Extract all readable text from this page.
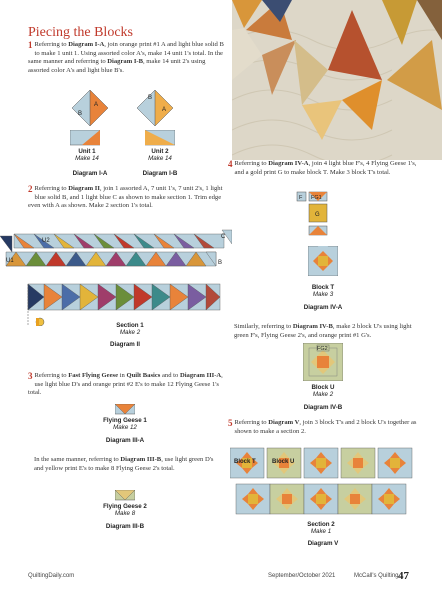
Piecing the Blocks
1 Referring to Diagram I-A, join orange print #1 A and light blue solid B to make 1 unit 1. Using assorted color A's, make 14 unit 1's total. In the same manner and referring to Diagram I-B, make 14 unit 2's using assorted color A's and light blue B's.
A
B
B
A
Unit 1
Make 14
Unit 2
Make 14
Diagram I-A	Diagram I-B
2 Referring to Diagram II, join 1 assorted A, 7 unit 1's, 7 unit 2's, 1 light blue solid B, and 1 light blue C as shown to make section 1. Trim edge even with A as shown. Make 2 section 1's total.
A
U2
U1
C
B
Section 1
Make 2
Diagram II
3 Referring to Fast Flying Geese in Quilt Basics and to Diagram III-A, use light blue D's and orange print #2 E's to make 12 Flying Geese 1's total.
Flying Geese 1
Make 12
Diagram III-A
In the same manner, referring to Diagram III-B, use light green D's and yellow print E's to make 8 Flying Geese 2's total.
Flying Geese 2
Make 8
Diagram III-B
4 Referring to Diagram IV-A, join 4 light blue F's, 4 Flying Geese 1's, and a gold print G to make block T. Make 3 block T's total.
F FG1
G
Block T
Make 3
Diagram IV-A
Similarly, referring to Diagram IV-B, make 2 block U's using light green F's, Flying Geese 2's, and orange print #1 G's.
FG2
Block U
Make 2
Diagram IV-B
5 Referring to Diagram V, join 3 block T's and 2 block U's together as shown to make a section 2.
Block T	Block U
Section 2
Make 1
Diagram V
QuiltingDaily.com	September/October 2021	McCall's Quilting 47
